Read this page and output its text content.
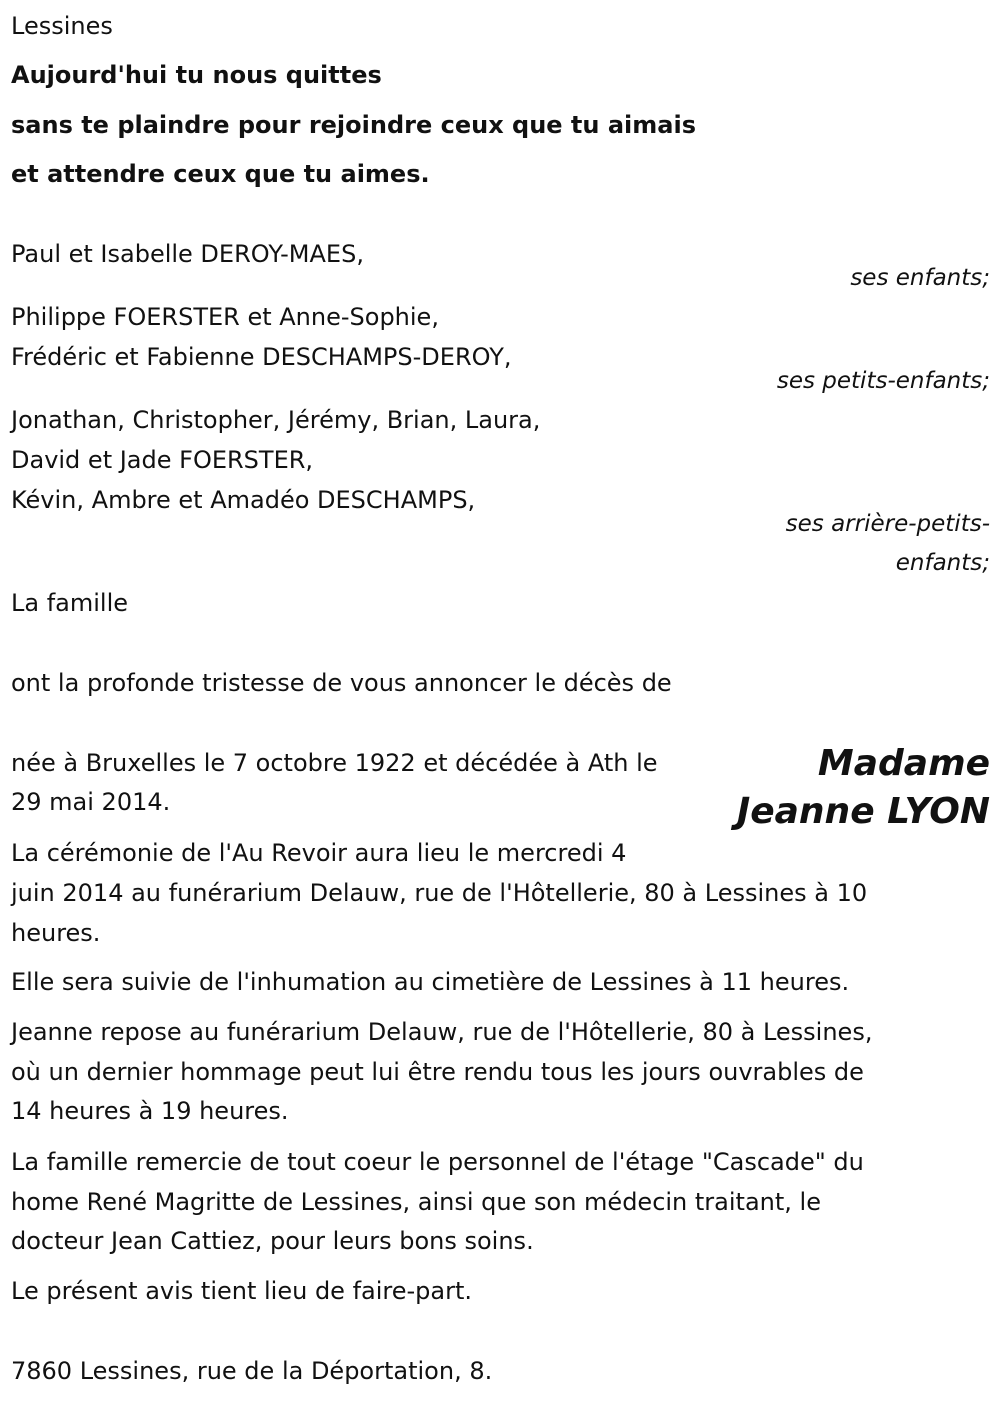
Lessines
Aujourd'hui tu nous quittes
sans te plaindre pour rejoindre ceux que tu aimais
et attendre ceux que tu aimes.
Paul et Isabelle DEROY-MAES,
ses enfants;
Philippe FOERSTER et Anne-Sophie,
Frédéric et Fabienne DESCHAMPS-DEROY,
ses petits-enfants;
Jonathan, Christopher, Jérémy, Brian, Laura,
David et Jade FOERSTER,
Kévin, Ambre et Amadéo DESCHAMPS,
ses arrière-petits-
enfants;
La famille
ont la profonde tristesse de vous annoncer le décès de
Madame
Jeanne LYON
née à Bruxelles le 7 octobre 1922 et décédée à Ath le
29 mai 2014.
La cérémonie de l'Au Revoir aura lieu le mercredi 4
juin 2014 au funérarium Delauw, rue de l'Hôtellerie, 80 à Lessines à 10
heures.
Elle sera suivie de l'inhumation au cimetière de Lessines à 11 heures.
Jeanne repose au funérarium Delauw, rue de l'Hôtellerie, 80 à Lessines,
où un dernier hommage peut lui être rendu tous les jours ouvrables de
14 heures à 19 heures.
La famille remercie de tout coeur le personnel de l'étage "Cascade" du
home René Magritte de Lessines, ainsi que son médecin traitant, le
docteur Jean Cattiez, pour leurs bons soins.
Le présent avis tient lieu de faire-part.
7860 Lessines, rue de la Déportation, 8.
